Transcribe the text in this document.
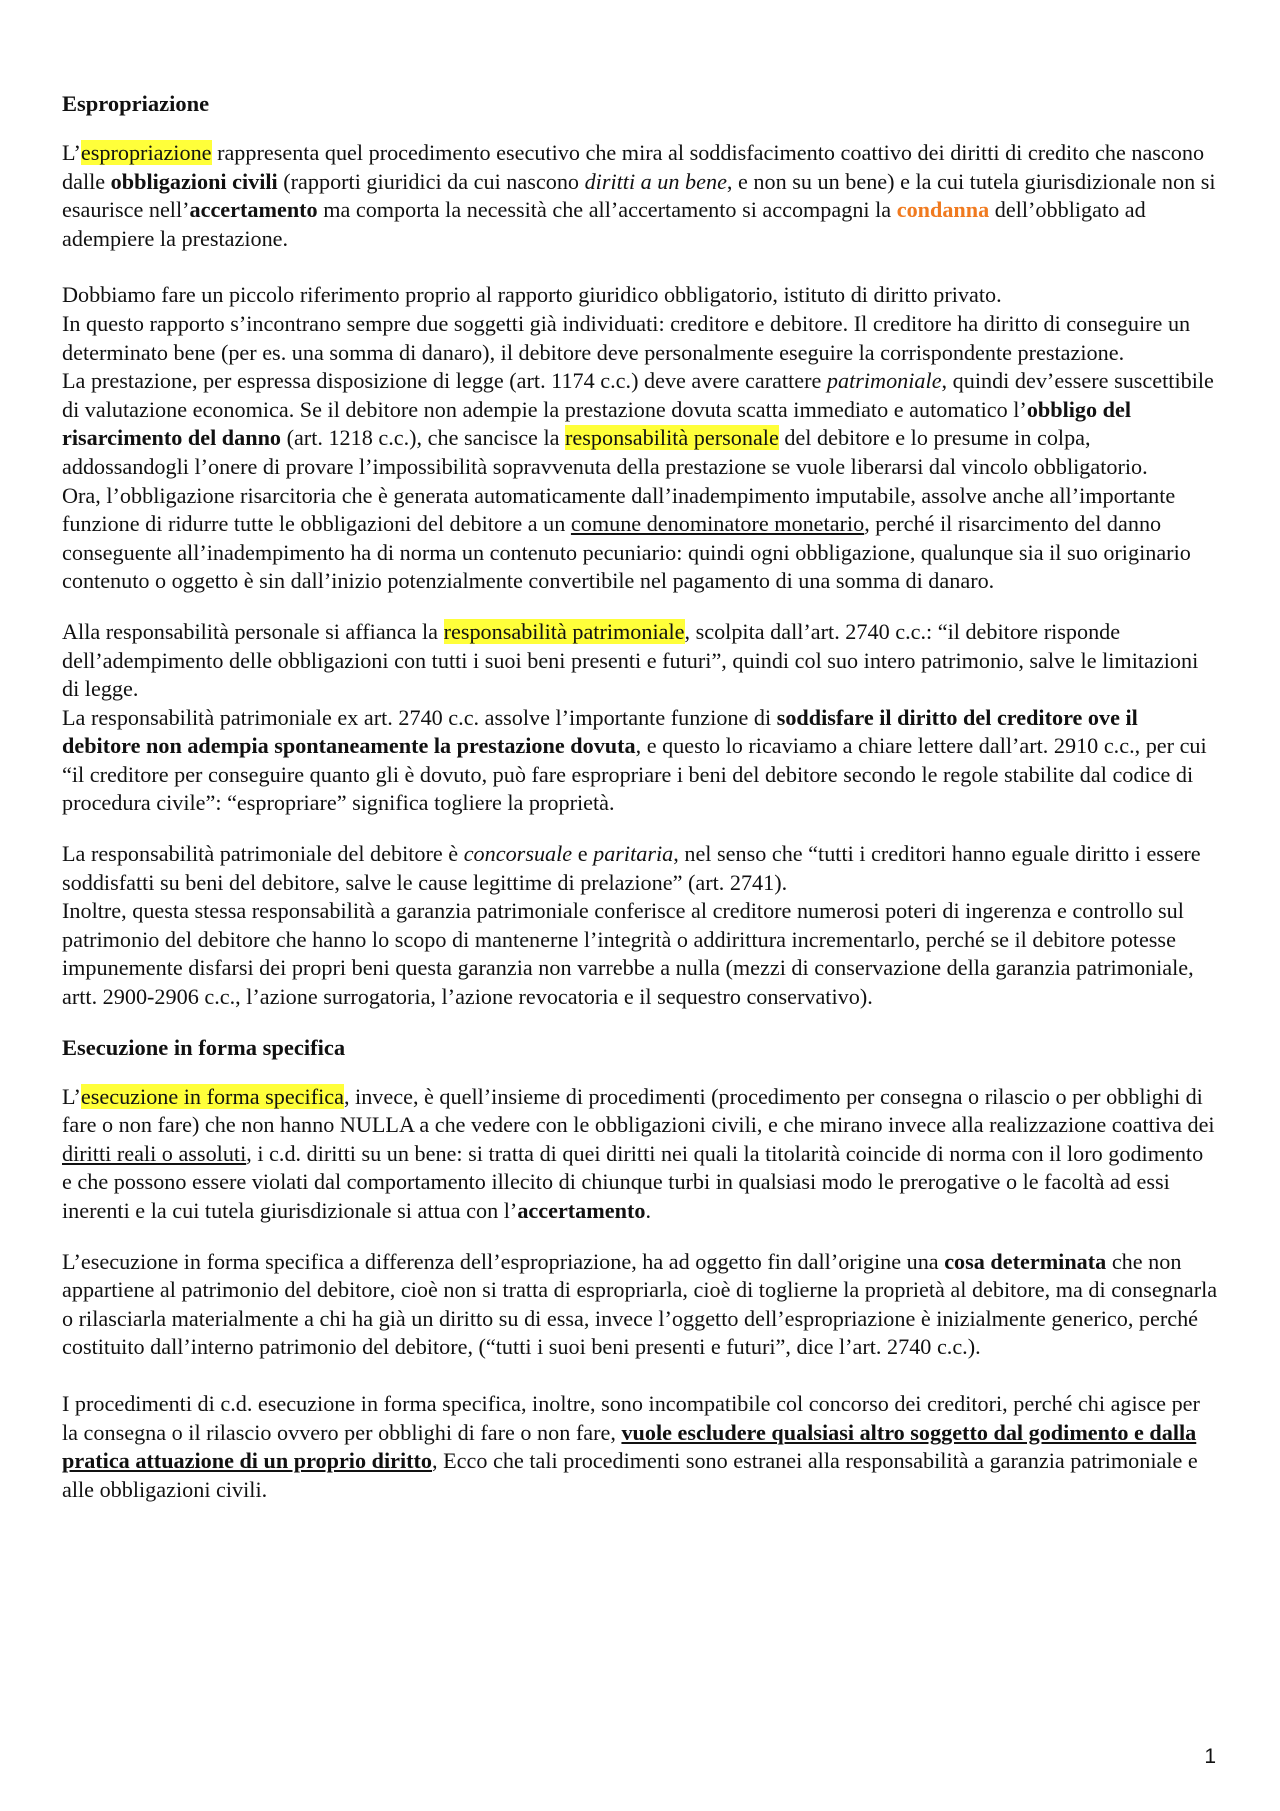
Espropriazione

L’espropriazione rappresenta quel procedimento esecutivo che mira al soddisfacimento coattivo dei diritti di credito che nascono dalle obbligazioni civili (rapporti giuridici da cui nascono diritti a un bene, e non su un bene) e la cui tutela giurisdizionale non si esaurisce nell’accertamento ma comporta la necessità che all’accertamento si accompagni la condanna dell’obbligato ad adempiere la prestazione.

Dobbiamo fare un piccolo riferimento proprio al rapporto giuridico obbligatorio, istituto di diritto privato.

In questo rapporto s’incontrano sempre due soggetti già individuati: creditore e debitore. Il creditore ha diritto di conseguire un determinato bene (per es. una somma di danaro), il debitore deve personalmente eseguire la corrispondente prestazione.

La prestazione, per espressa disposizione di legge (art. 1174 c.c.) deve avere carattere patrimoniale, quindi dev’essere suscettibile di valutazione economica. Se il debitore non adempie la prestazione dovuta scatta immediato e automatico l’obbligo del risarcimento del danno (art. 1218 c.c.), che sancisce la responsabilità personale del debitore e lo presume in colpa, addossandogli l’onere di provare l’impossibilità sopravvenuta della prestazione se vuole liberarsi dal vincolo obbligatorio.

Ora, l’obbligazione risarcitoria che è generata automaticamente dall’inadempimento imputabile, assolve anche all’importante funzione di ridurre tutte le obbligazioni del debitore a un comune denominatore monetario, perché il risarcimento del danno conseguente all’inadempimento ha di norma un contenuto pecuniario: quindi ogni obbligazione, qualunque sia il suo originario contenuto o oggetto è sin dall’inizio potenzialmente convertibile nel pagamento di una somma di danaro.

Alla responsabilità personale si affianca la responsabilità patrimoniale, scolpita dall’art. 2740 c.c.: “il debitore risponde dell’adempimento delle obbligazioni con tutti i suoi beni presenti e futuri”, quindi col suo intero patrimonio, salve le limitazioni di legge.

La responsabilità patrimoniale ex art. 2740 c.c. assolve l’importante funzione di soddisfare il diritto del creditore ove il debitore non adempia spontaneamente la prestazione dovuta, e questo lo ricaviamo a chiare lettere dall’art. 2910 c.c., per cui “il creditore per conseguire quanto gli è dovuto, può fare espropriare i beni del debitore secondo le regole stabilite dal codice di procedura civile”: “espropriare” significa togliere la proprietà.

La responsabilità patrimoniale del debitore è concorsuale e paritaria, nel senso che “tutti i creditori hanno eguale diritto i essere soddisfatti su beni del debitore, salve le cause legittime di prelazione” (art. 2741).

Inoltre, questa stessa responsabilità a garanzia patrimoniale conferisce al creditore numerosi poteri di ingerenza e controllo sul patrimonio del debitore che hanno lo scopo di mantenerne l’integrità o addirittura incrementarlo, perché se il debitore potesse impunemente disfarsi dei propri beni questa garanzia non varrebbe a nulla (mezzi di conservazione della garanzia patrimoniale, artt. 2900-2906 c.c., l’azione surrogatoria, l’azione revocatoria e il sequestro conservativo).

Esecuzione in forma specifica

L’esecuzione in forma specifica, invece, è quell’insieme di procedimenti (procedimento per consegna o rilascio o per obblighi di fare o non fare) che non hanno NULLA a che vedere con le obbligazioni civili, e che mirano invece alla realizzazione coattiva dei diritti reali o assoluti, i c.d. diritti su un bene: si tratta di quei diritti nei quali la titolarità coincide di norma con il loro godimento e che possono essere violati dal comportamento illecito di chiunque turbi in qualsiasi modo le prerogative o le facoltà ad essi inerenti e la cui tutela giurisdizionale si attua con l’accertamento.

L’esecuzione in forma specifica a differenza dell’espropriazione, ha ad oggetto fin dall’origine una cosa determinata che non appartiene al patrimonio del debitore, cioè non si tratta di espropriarla, cioè di toglierne la proprietà al debitore, ma di consegnarla o rilasciarla materialmente a chi ha già un diritto su di essa, invece l’oggetto dell’espropriazione è inizialmente generico, perché costituito dall’interno patrimonio del debitore, (“tutti i suoi beni presenti e futuri”, dice l’art. 2740 c.c.).

I procedimenti di c.d. esecuzione in forma specifica, inoltre, sono incompatibile col concorso dei creditori, perché chi agisce per la consegna o il rilascio ovvero per obblighi di fare o non fare, vuole escludere qualsiasi altro soggetto dal godimento e dalla pratica attuazione di un proprio diritto, Ecco che tali procedimenti sono estranei alla responsabilità a garanzia patrimoniale e alle obbligazioni civili.

1
